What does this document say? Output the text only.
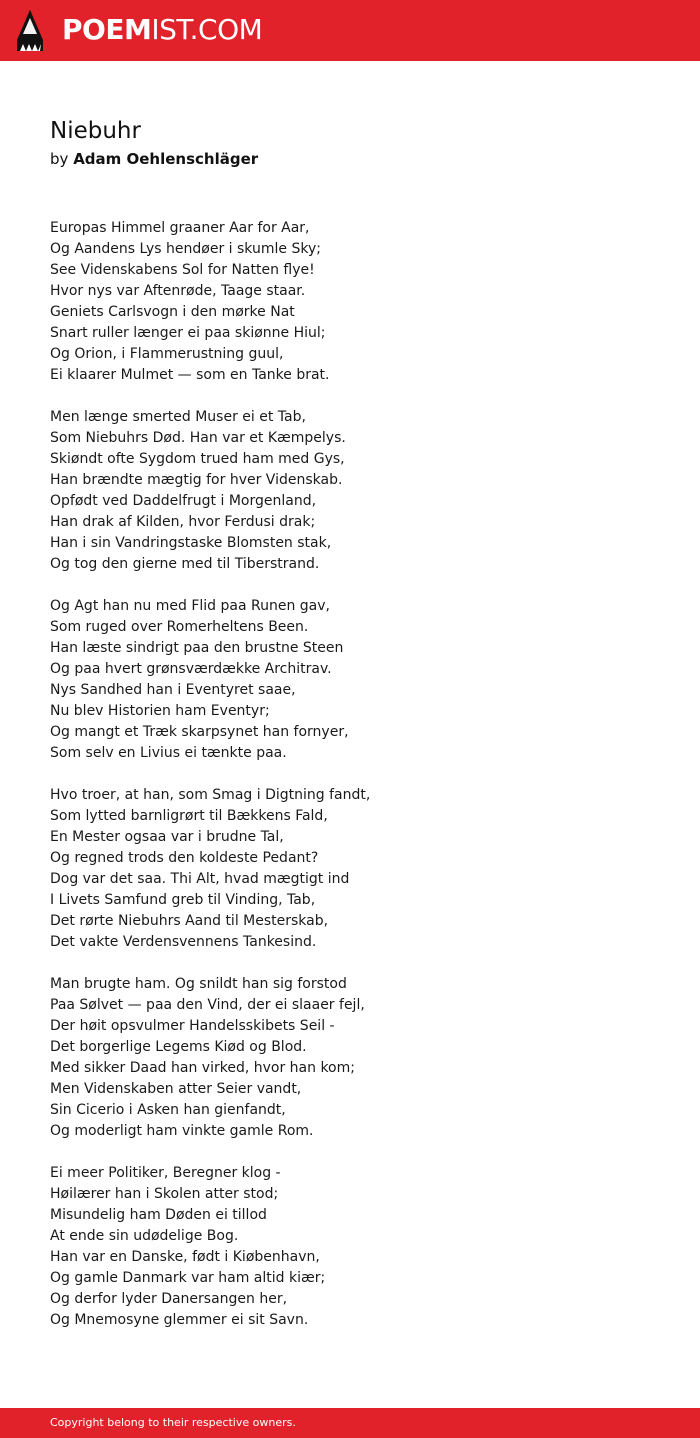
POEMIST.COM
Niebuhr
by Adam Oehlenschläger
Europas Himmel graaner Aar for Aar,
Og Aandens Lys hendøer i skumle Sky;
See Videnskabens Sol for Natten flye!
Hvor nys var Aftenrøde, Taage staar.
Geniets Carlsvogn i den mørke Nat
Snart ruller længer ei paa skiønne Hiul;
Og Orion, i Flammerustning guul,
Ei klaarer Mulmet — som en Tanke brat.
Men længe smerted Muser ei et Tab,
Som Niebuhrs Død. Han var et Kæmpelys.
Skiøndt ofte Sygdom trued ham med Gys,
Han brændte mægtig for hver Videnskab.
Opfødt ved Daddelfrugt i Morgenland,
Han drak af Kilden, hvor Ferdusi drak;
Han i sin Vandringstaske Blomsten stak,
Og tog den gierne med til Tiberstrand.
Og Agt han nu med Flid paa Runen gav,
Som ruged over Romerheltens Been.
Han læste sindrigt paa den brustne Steen
Og paa hvert grønsværdække Architrav.
Nys Sandhed han i Eventyret saae,
Nu blev Historien ham Eventyr;
Og mangt et Træk skarpsynet han fornyer,
Som selv en Livius ei tænkte paa.
Hvo troer, at han, som Smag i Digtning fandt,
Som lytted barnligrørt til Bækkens Fald,
En Mester ogsaa var i brudne Tal,
Og regned trods den koldeste Pedant?
Dog var det saa. Thi Alt, hvad mægtigt ind
I Livets Samfund greb til Vinding, Tab,
Det rørte Niebuhrs Aand til Mesterskab,
Det vakte Verdensvennens Tankesind.
Man brugte ham. Og snildt han sig forstod
Paa Sølvet — paa den Vind, der ei slaaer fejl,
Der høit opsvulmer Handelsskibets Seil -
Det borgerlige Legems Kiød og Blod.
Med sikker Daad han virked, hvor han kom;
Men Videnskaben atter Seier vandt,
Sin Cicerio i Asken han gienfandt,
Og moderligt ham vinkte gamle Rom.
Ei meer Politiker, Beregner klog -
Høilærer han i Skolen atter stod;
Misundelig ham Døden ei tillod
At ende sin udødelige Bog.
Han var en Danske, født i Kiøbenhavn,
Og gamle Danmark var ham altid kiær;
Og derfor lyder Danersangen her,
Og Mnemosyne glemmer ei sit Savn.
Copyright belong to their respective owners.
